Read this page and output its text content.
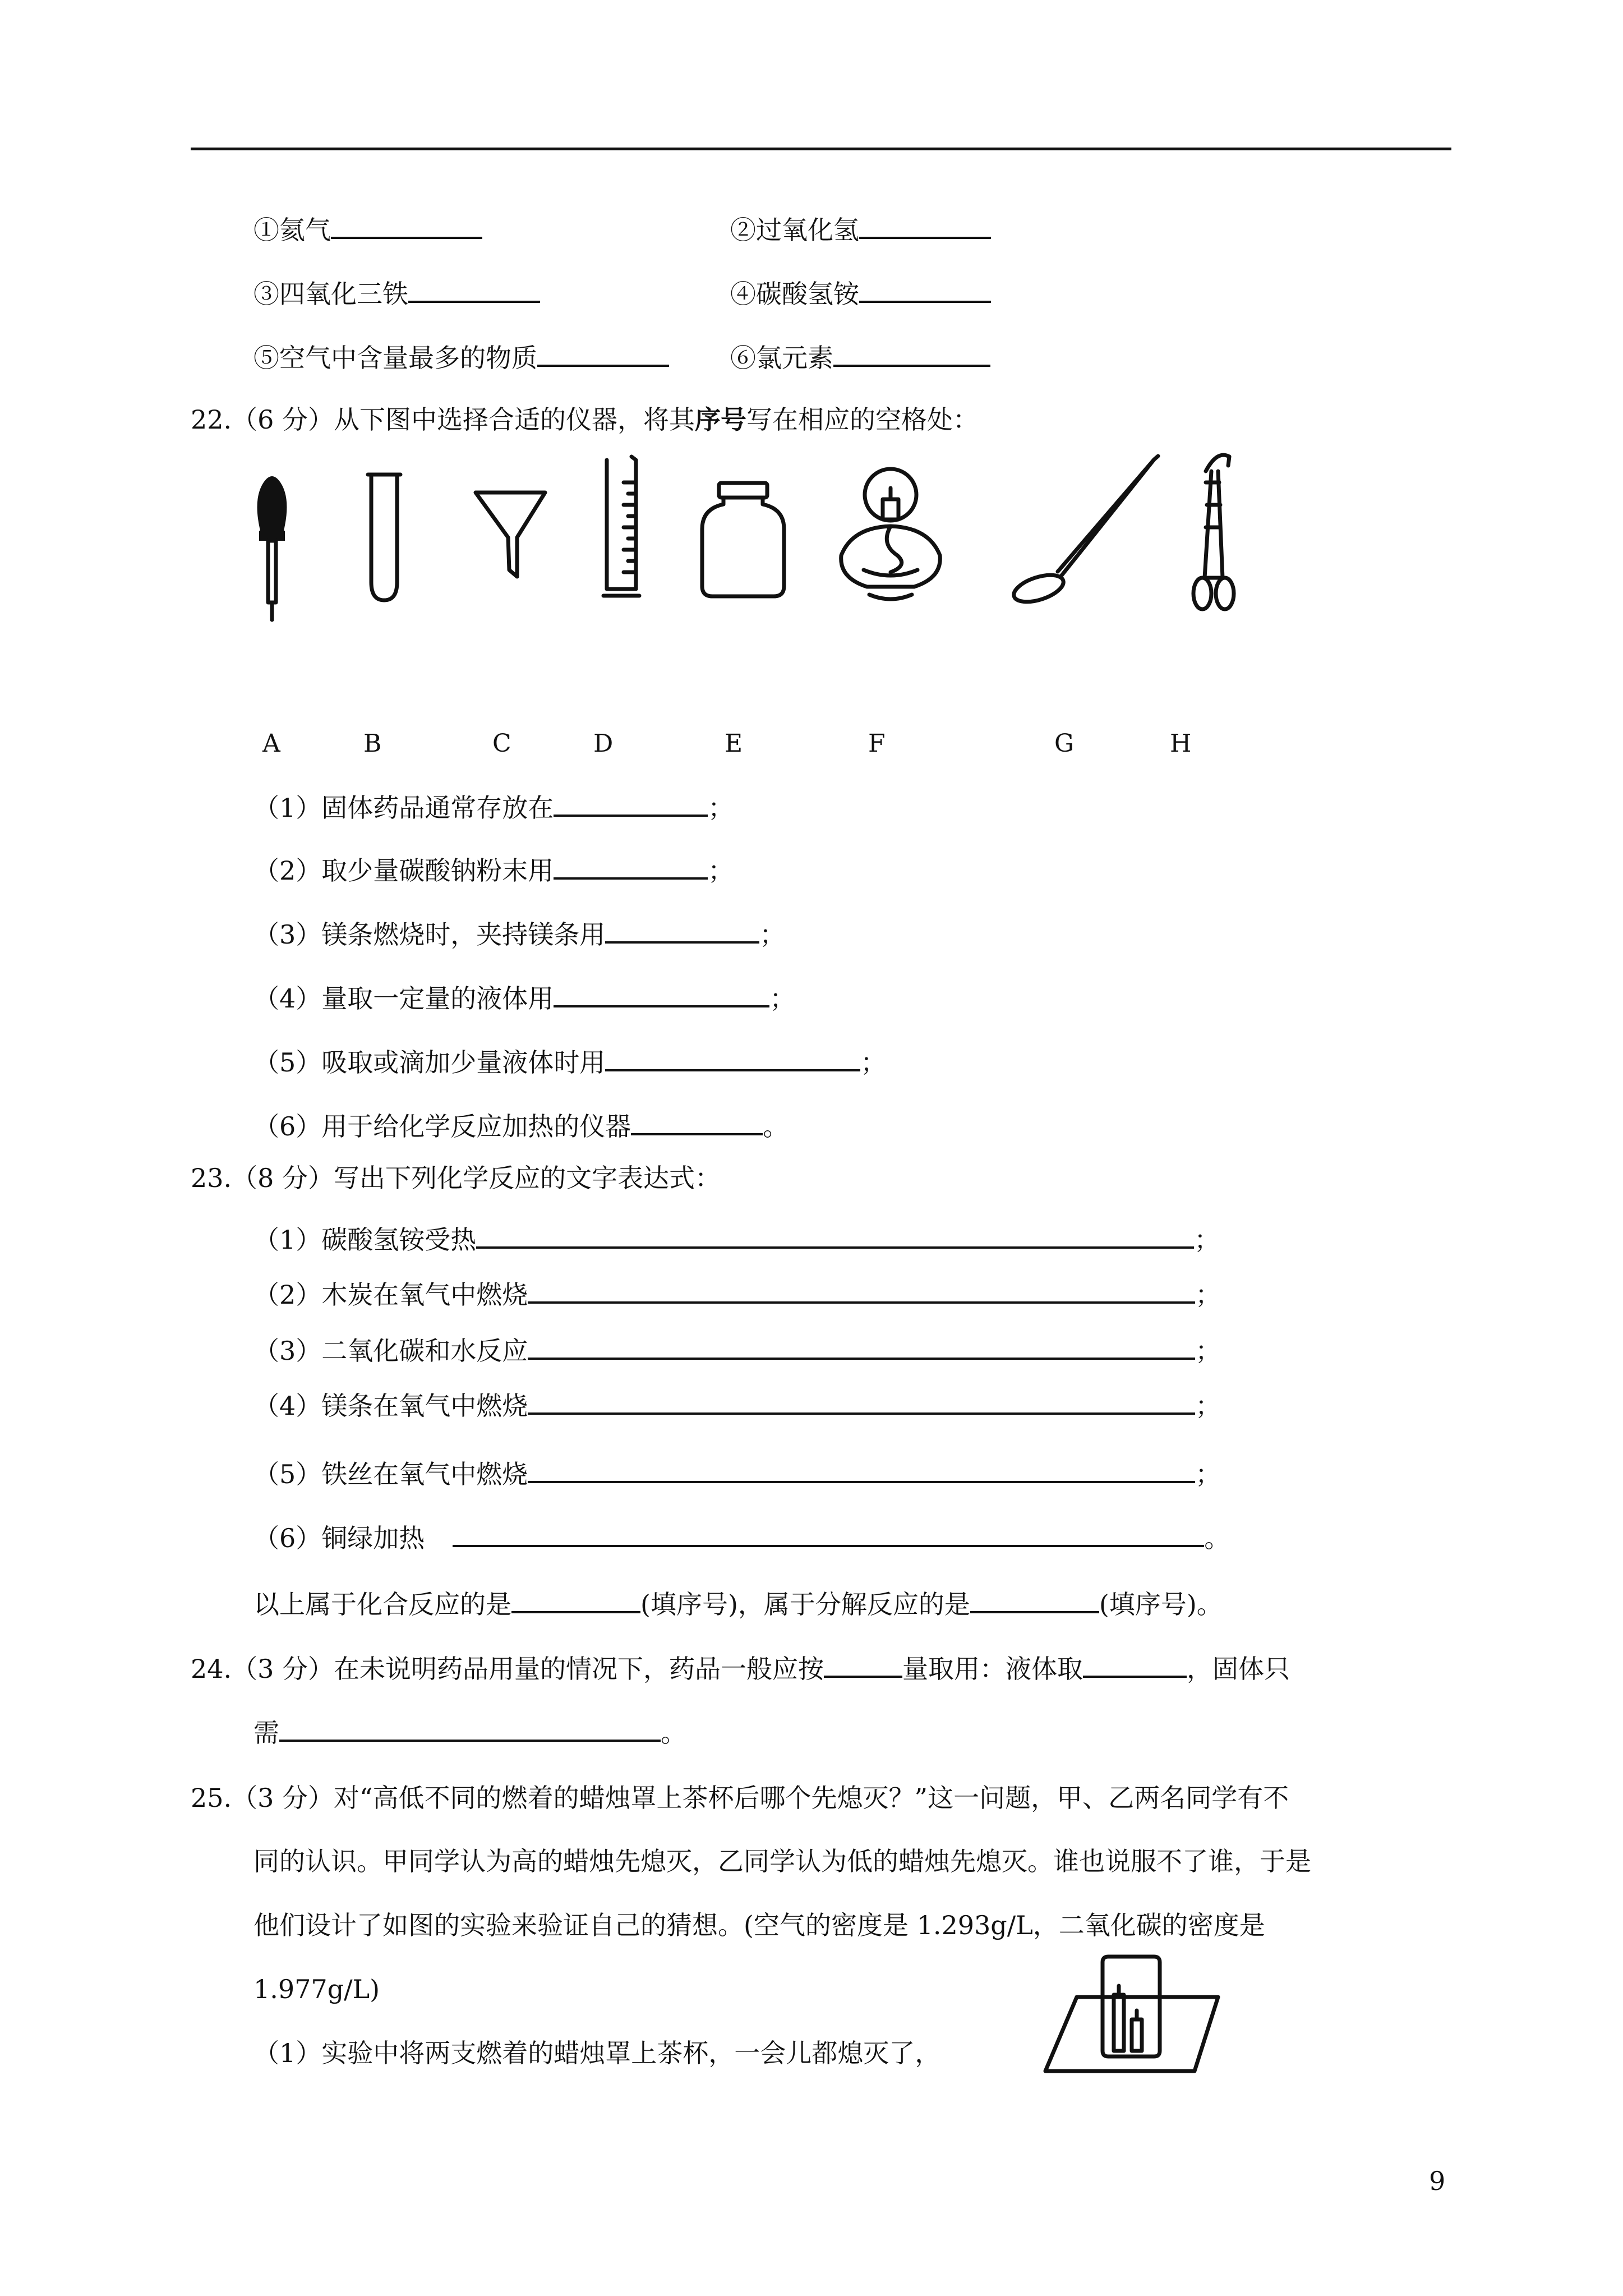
①氦气	②过氧化氢
③四氧化三铁	④碳酸氢铵
⑤空气中含量最多的物质	⑥氯元素
22.（6 分）从下图中选择合适的仪器，将其序号写在相应的空格处：
A	B	C	D	E	F	G	H
（1）固体药品通常存放在	；
（2）取少量碳酸钠粉末用	；
（3）镁条燃烧时，夹持镁条用	；
（4）量取一定量的液体用	；
（5）吸取或滴加少量液体时用	；
（6）用于给化学反应加热的仪器	。
23.（8 分）写出下列化学反应的文字表达式：
（1）碳酸氢铵受热	；
（2）木炭在氧气中燃烧	；
（3）二氧化碳和水反应	；
（4）镁条在氧气中燃烧	；
（5）铁丝在氧气中燃烧	；
（6）铜绿加热	。
以上属于化合反应的是	(填序号)，属于分解反应的是	(填序号)。
24.（3 分）在未说明药品用量的情况下，药品一般应按	量取用：液体取	，固体只
需	。
25.（3 分）对“高低不同的燃着的蜡烛罩上茶杯后哪个先熄灭？”这一问题，甲、乙两名同学有不
同的认识。甲同学认为高的蜡烛先熄灭，乙同学认为低的蜡烛先熄灭。谁也说服不了谁，于是
他们设计了如图的实验来验证自己的猜想。(空气的密度是 1.293g/L，二氧化碳的密度是
1.977g/L)
（1）实验中将两支燃着的蜡烛罩上茶杯，一会儿都熄灭了，
9
